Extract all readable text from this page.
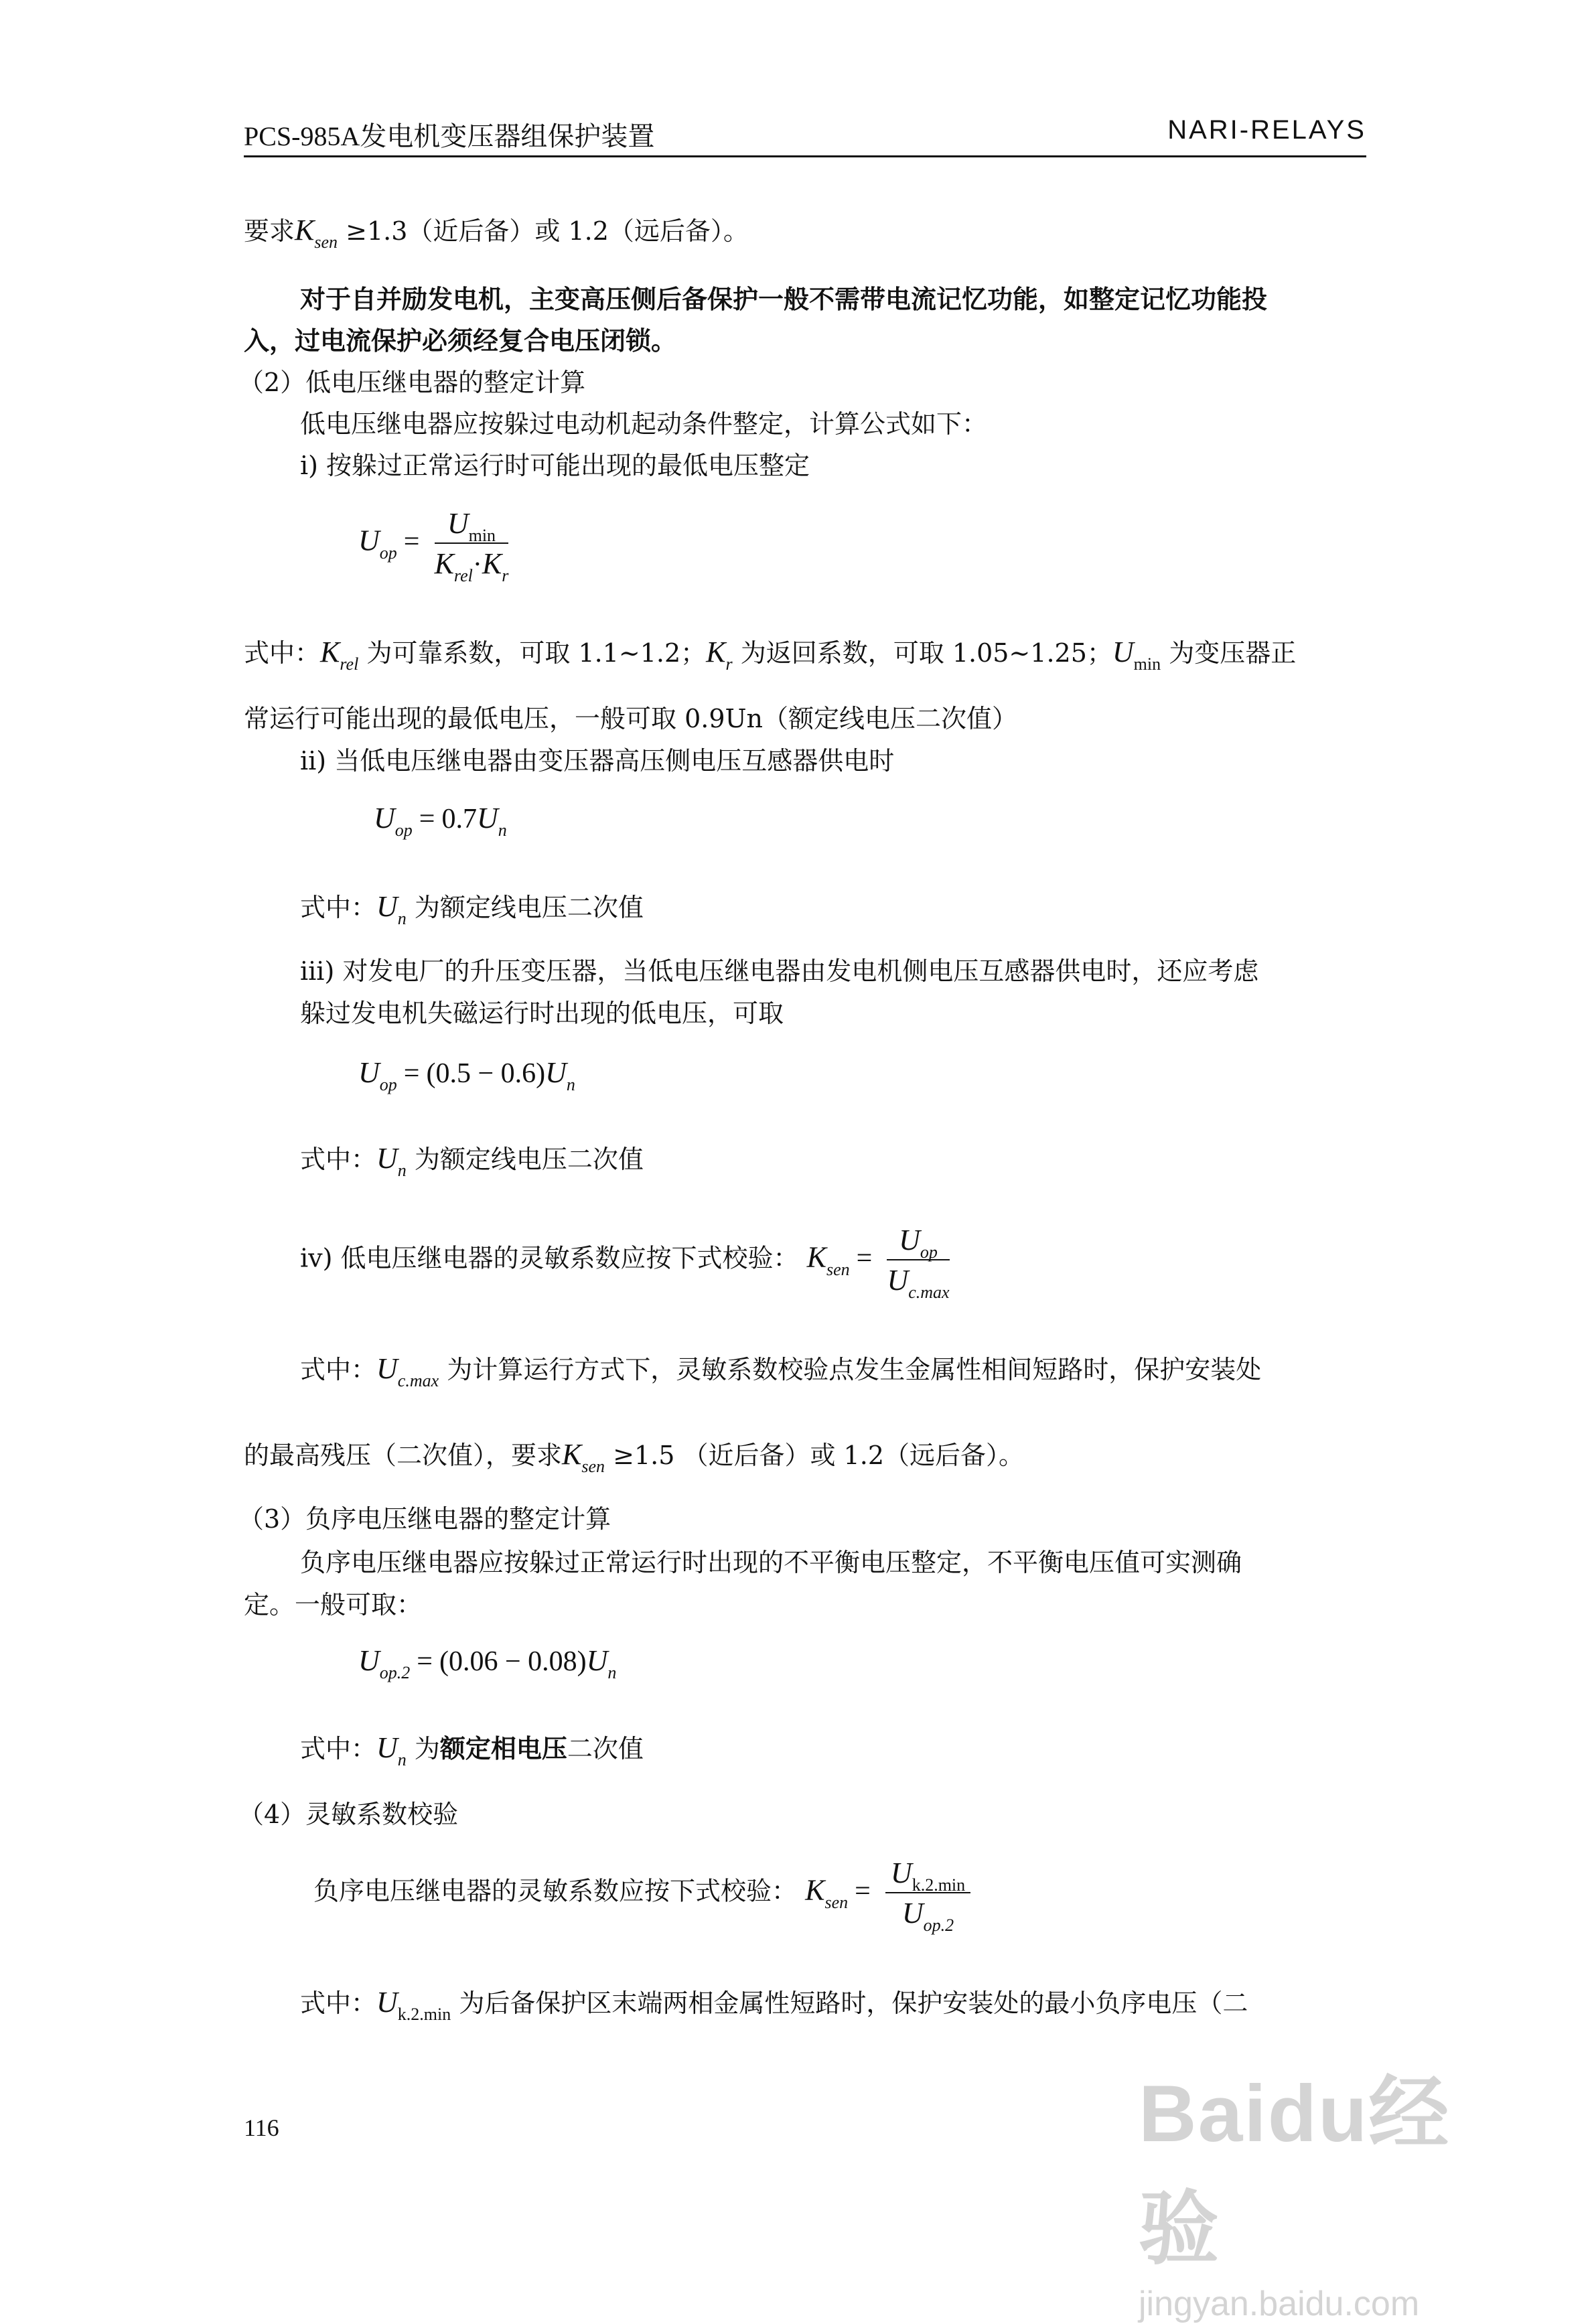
PCS-985A发电机变压器组保护装置	NARI-RELAYS
要求$K_{sen} \ge 1.3$（近后备）或 1.2（远后备）。
对于自并励发电机，主变高压侧后备保护一般不需带电流记忆功能，如整定记忆功能投
入，过电流保护必须经复合电压闭锁。
（2）低电压继电器的整定计算
低电压继电器应按躲过电动机起动条件整定，计算公式如下：
i) 按躲过正常运行时可能出现的最低电压整定
$U_{op} = \frac{U_{min}}{K_{rel}\cdot K_r}$
式中：$K_{rel}$ 为可靠系数，可取 1.1~1.2；$K_r$ 为返回系数，可取 1.05~1.25；$U_{min}$ 为变压器正
常运行可能出现的最低电压，一般可取 0.9Un（额定线电压二次值）
ii) 当低电压继电器由变压器高压侧电压互感器供电时
$U_{op} = 0.7U_n$
式中：$U_n$ 为额定线电压二次值
iii) 对发电厂的升压变压器，当低电压继电器由发电机侧电压互感器供电时，还应考虑
躲过发电机失磁运行时出现的低电压，可取
$U_{op} = (0.5 - 0.6)U_n$
式中：$U_n$ 为额定线电压二次值
iv) 低电压继电器的灵敏系数应按下式校验： $K_{sen} = \frac{U_{op}}{U_{c.max}}$
式中：$U_{c.max}$ 为计算运行方式下，灵敏系数校验点发生金属性相间短路时，保护安装处
的最高残压（二次值），要求$K_{sen} \ge 1.5$ （近后备）或 1.2（远后备）。
（3）负序电压继电器的整定计算
负序电压继电器应按躲过正常运行时出现的不平衡电压整定，不平衡电压值可实测确
定。一般可取：
$U_{op.2} = (0.06 - 0.08)U_n$
式中：$U_n$ 为额定相电压二次值
（4）灵敏系数校验
负序电压继电器的灵敏系数应按下式校验： $K_{sen} = \frac{U_{k.2.min}}{U_{op.2}}$
式中：$U_{k.2.min}$ 为后备保护区末端两相金属性短路时，保护安装处的最小负序电压（二
116	Baidu经验
jingyan.baidu.com
